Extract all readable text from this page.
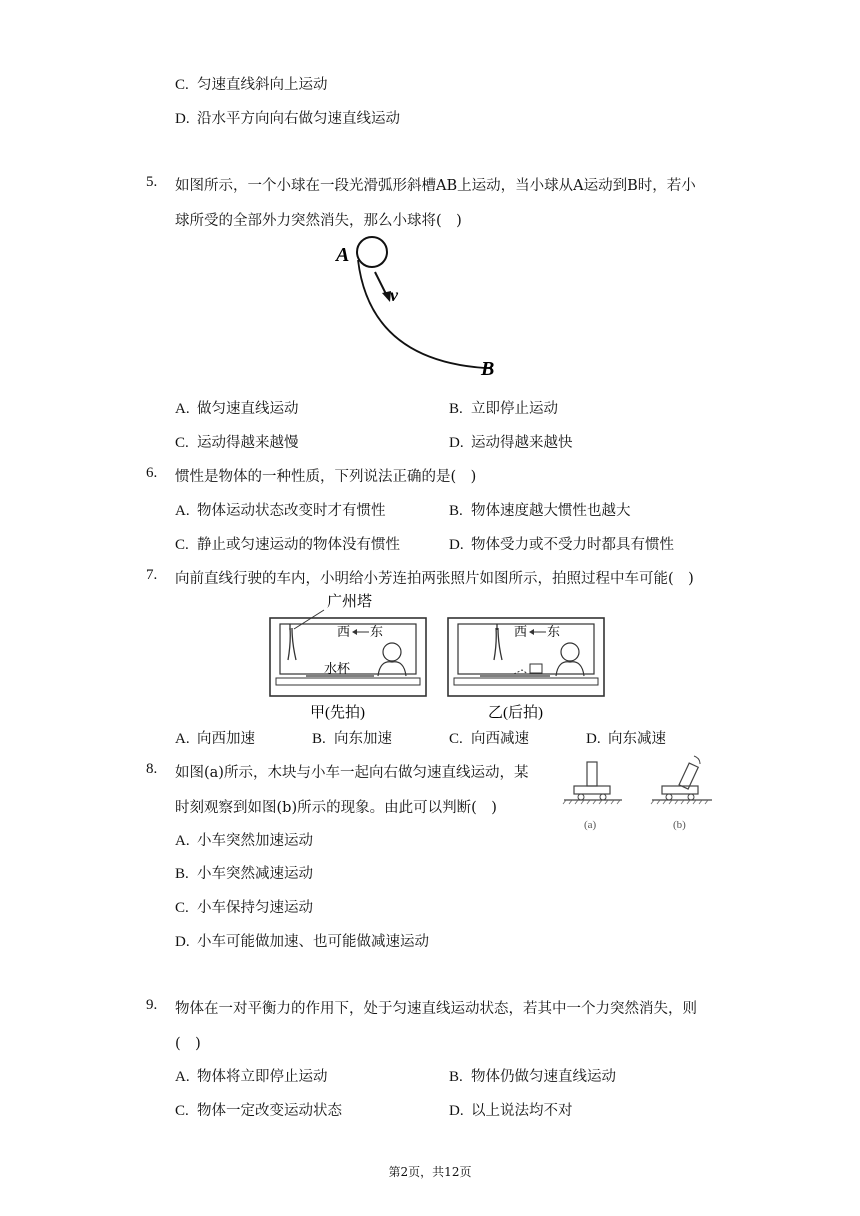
C. 匀速直线斜向上运动
D. 沿水平方向向右做匀速直线运动
5. 如图所示，一个小球在一段光滑弧形斜槽AB上运动，当小球从A运动到B时，若小
球所受的全部外力突然消失，那么小球将(　)
A
v
B
A. 做匀速直线运动	B. 立即停止运动
C. 运动得越来越慢	D. 运动得越来越快
6. 惯性是物体的一种性质，下列说法正确的是(　)
A. 物体运动状态改变时才有惯性	B. 物体速度越大惯性也越大
C. 静止或匀速运动的物体没有惯性	D. 物体受力或不受力时都具有惯性
7. 向前直线行驶的车内，小明给小芳连拍两张照片如图所示，拍照过程中车可能(　)
广州塔
西 东
水杯
甲(先拍)
西 东
乙(后拍)
A. 向西加速	B. 向东加速	C. 向西减速	D. 向东减速
8. 如图(a)所示，木块与小车一起向右做匀速直线运动，某
时刻观察到如图(b)所示的现象。由此可以判断(　)
(a)	(b)
A. 小车突然加速运动
B. 小车突然减速运动
C. 小车保持匀速运动
D. 小车可能做加速、也可能做减速运动
9. 物体在一对平衡力的作用下，处于匀速直线运动状态，若其中一个力突然消失，则
(　)
A. 物体将立即停止运动	B. 物体仍做匀速直线运动
C. 物体一定改变运动状态	D. 以上说法均不对
第2页，共12页
